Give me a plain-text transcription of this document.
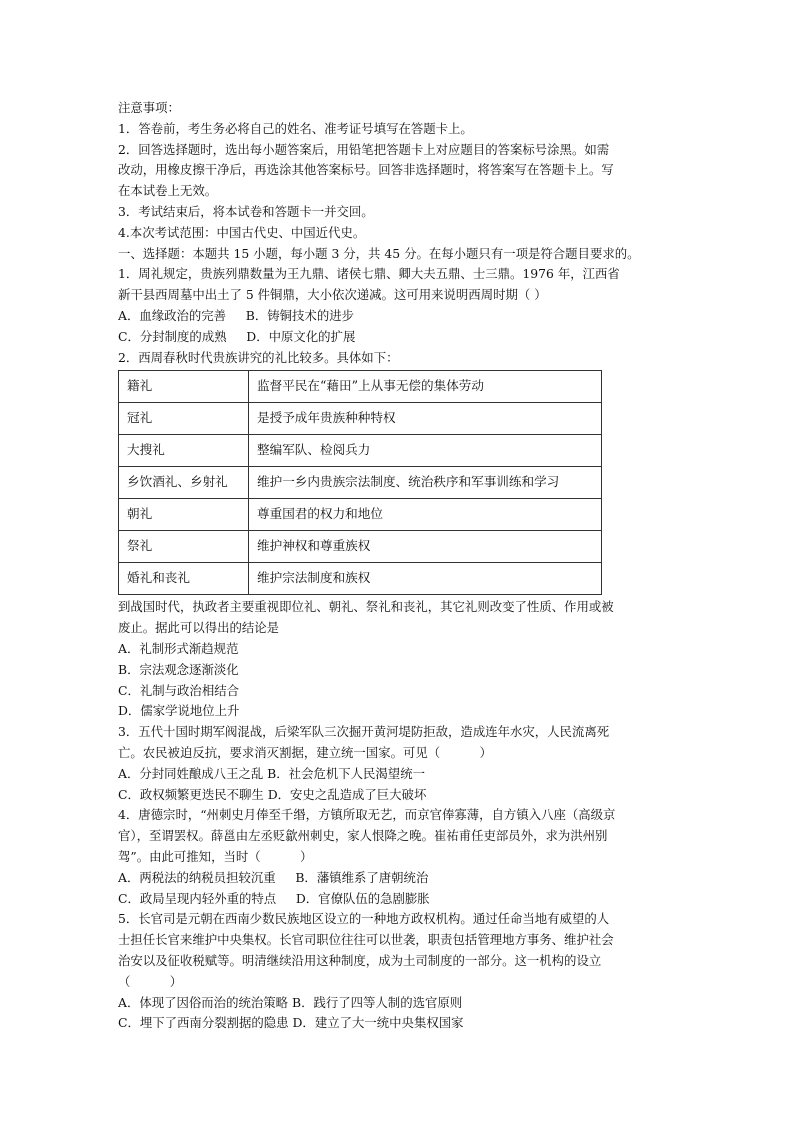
注意事项：
1．答卷前，考生务必将自己的姓名、准考证号填写在答题卡上。
2．回答选择题时，选出每小题答案后，用铅笔把答题卡上对应题目的答案标号涂黑。如需
改动，用橡皮擦干净后，再选涂其他答案标号。回答非选择题时，将答案写在答题卡上。写
在本试卷上无效。
3．考试结束后，将本试卷和答题卡一并交回。
4.本次考试范围：中国古代史、中国近代史。
一、选择题：本题共 15 小题，每小题 3 分，共 45 分。在每小题只有一项是符合题目要求的。
1．周礼规定，贵族列鼎数量为王九鼎、诸侯七鼎、卿大夫五鼎、士三鼎。1976 年，江西省
新干县西周墓中出土了 5 件铜鼎，大小依次递减。这可用来说明西周时期（ ）
A．血缘政治的完善     B．铸铜技术的进步
C．分封制度的成熟     D．中原文化的扩展
2．西周春秋时代贵族讲究的礼比较多。具体如下：
籍礼	监督平民在“藉田”上从事无偿的集体劳动
冠礼	是授予成年贵族种种特权
大搜礼	整编军队、检阅兵力
乡饮酒礼、乡射礼	维护一乡内贵族宗法制度、统治秩序和军事训练和学习
朝礼	尊重国君的权力和地位
祭礼	维护神权和尊重族权
婚礼和丧礼	维护宗法制度和族权
到战国时代，执政者主要重视即位礼、朝礼、祭礼和丧礼，其它礼则改变了性质、作用或被
废止。据此可以得出的结论是
A．礼制形式渐趋规范
B．宗法观念逐渐淡化
C．礼制与政治相结合
D．儒家学说地位上升
3．五代十国时期军阀混战，后梁军队三次掘开黄河堤防拒敌，造成连年水灾，人民流离死
亡。农民被迫反抗，要求消灭割据，建立统一国家。可见（          ）
A．分封同姓酿成八王之乱 B．社会危机下人民渴望统一
C．政权频繁更迭民不聊生 D．安史之乱造成了巨大破坏
4．唐德宗时，“州刺史月俸至千缗，方镇所取无艺，而京官俸寡薄，自方镇入八座（高级京
官），至谓罢权。薛邕由左丞贬歙州刺史，家人恨降之晚。崔祐甫任吏部员外，求为洪州别
驾”。由此可推知，当时（          ）
A．两税法的纳税员担较沉重     B．藩镇维系了唐朝统治
C．政局呈现内轻外重的特点     D．官僚队伍的急剧膨胀
5．长官司是元朝在西南少数民族地区设立的一种地方政权机构。通过任命当地有威望的人
士担任长官来维护中央集权。长官司职位往往可以世袭，职责包括管理地方事务、维护社会
治安以及征收税赋等。明清继续沿用这种制度，成为土司制度的一部分。这一机构的设立
（          ）
A．体现了因俗而治的统治策略 B．践行了四等人制的选官原则
C．埋下了西南分裂割据的隐患 D．建立了大一统中央集权国家
